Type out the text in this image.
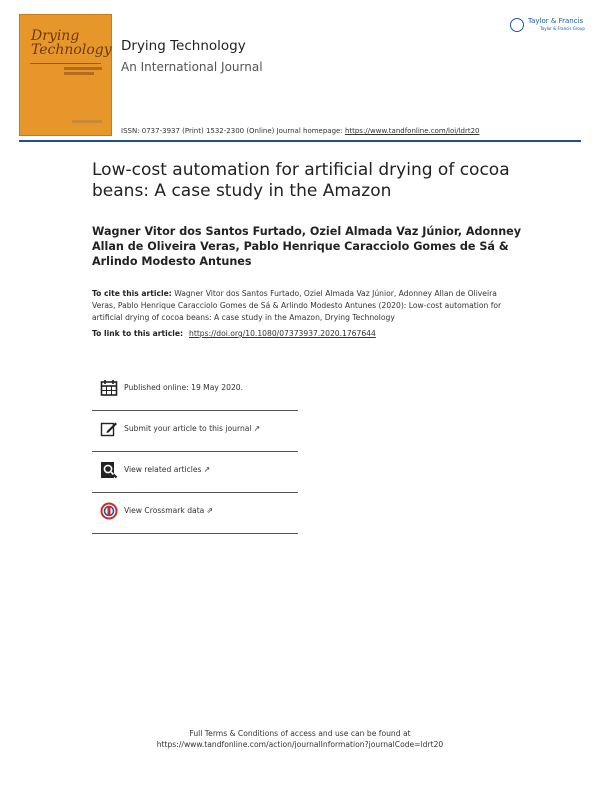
Drying
Technology Drying Technology
An International Journal
Taylor & Francis
Taylor & Francis Group
ISSN: 0737-3937 (Print) 1532-2300 (Online) Journal homepage: https://www.tandfonline.com/loi/ldrt20
Low-cost automation for artificial drying of cocoa beans: A case study in the Amazon
Wagner Vitor dos Santos Furtado, Oziel Almada Vaz Júnior, Adonney Allan de Oliveira Veras, Pablo Henrique Caracciolo Gomes de Sá & Arlindo Modesto Antunes
To cite this article: Wagner Vitor dos Santos Furtado, Oziel Almada Vaz Júnior, Adonney Allan de Oliveira Veras, Pablo Henrique Caracciolo Gomes de Sá & Arlindo Modesto Antunes (2020): Low-cost automation for artificial drying of cocoa beans: A case study in the Amazon, Drying Technology
To link to this article: https://doi.org/10.1080/07373937.2020.1767644
Published online: 19 May 2020.
Submit your article to this journal ↗
View related articles ↗
View Crossmark data ⇗
Full Terms & Conditions of access and use can be found at
https://www.tandfonline.com/action/journalInformation?journalCode=ldrt20
